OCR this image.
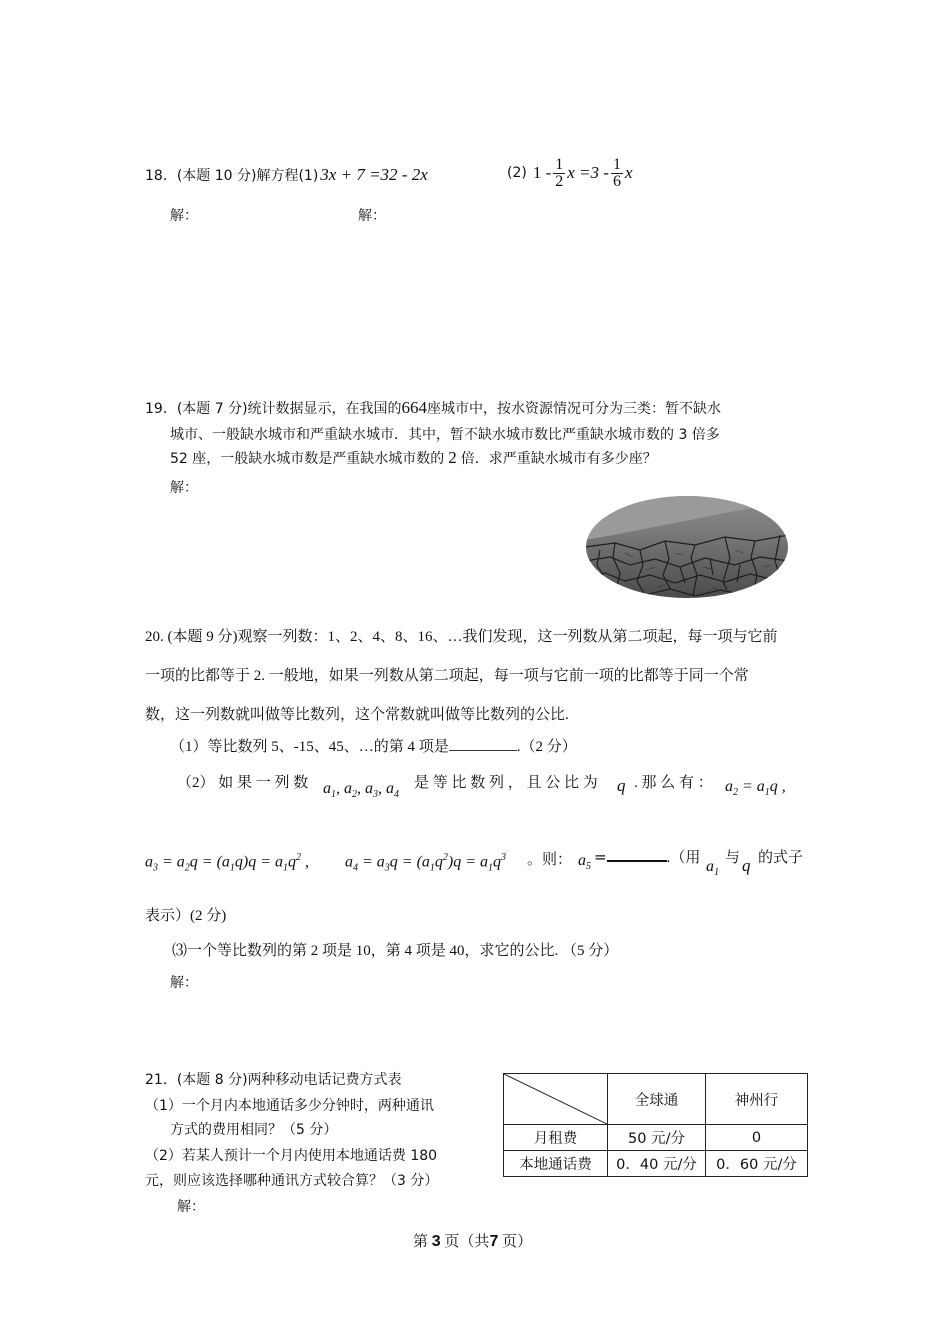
18．(本题 10 分)解方程(1) 3x + 7 =32 - 2x	(2) $1 - \frac{1}{2}$ $x =3 - \frac{1}{6}$ x
解：	解：
19．(本题 7 分)统计数据显示，在我国的664座城市中，按水资源情况可分为三类：暂不缺水
城市、一般缺水城市和严重缺水城市．其中，暂不缺水城市数比严重缺水城市数的 3 倍多
52 座，一般缺水城市数是严重缺水城市数的 2 倍．求严重缺水城市有多少座？
解：
20. (本题 9 分)观察一列数：1、2、4、8、16、…我们发现，这一列数从第二项起，每一项与它前
一项的比都等于 2. 一般地，如果一列数从第二项起，每一项与它前一项的比都等于同一个常
数，这一列数就叫做等比数列，这个常数就叫做等比数列的公比.
（1）等比数列 5、-15、45、…的第 4 项是	.（2 分）
（2） 如 果 一 列 数 $a_1$, $a_2$, $a_3$, $a_4$
是 等 比 数 列 ， 且 公 比 为 q . 那 么 有 ： $a_2 = a_1q$ ,
$a_3 = a_2q = (a_1q)q = a_1q^2$ , $a_4 = a_3q = (a_1q^2)q = a_1q^3$ 。则： $a_5$
=	.（用 $a_1$
与 q 的式子
表示）(2 分)
⑶一个等比数列的第 2 项是 10，第 4 项是 40，求它的公比. （5 分）
解：
21．(本题 8 分)两种移动电话记费方式表
（1）一个月内本地通话多少分钟时，两种通讯
方式的费用相同？（5 分）
（2）若某人预计一个月内使用本地通话费 180
元，则应该选择哪种通讯方式较合算？（3 分）
解：
	全球通	神州行
月租费	50 元/分	0
本地通话费	0．40 元/分	0．60 元/分
第 3 页（共7 页）
